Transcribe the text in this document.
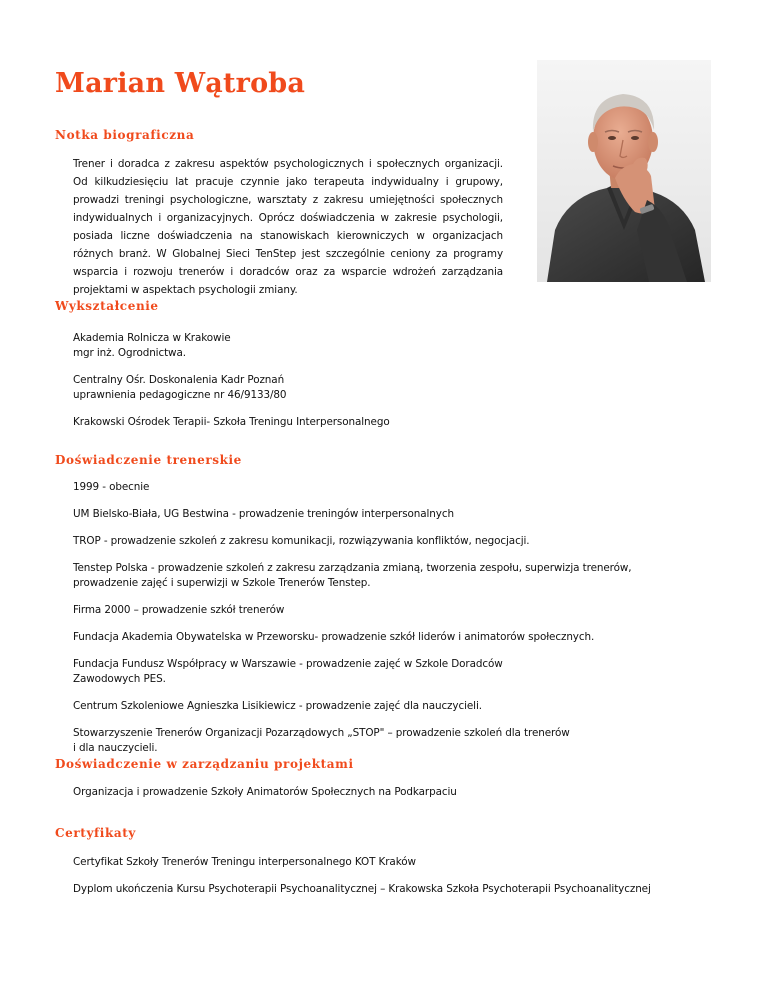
Marian Wątroba
Notka biograficzna

Trener i doradca z zakresu aspektów psychologicznych i społecznych organizacji. Od kilkudziesięciu lat pracuje czynnie jako terapeuta indywidualny i grupowy, prowadzi treningi psychologiczne, warsztaty z zakresu umiejętności społecznych indywidualnych i organizacyjnych. Oprócz doświadczenia w zakresie psychologii, posiada liczne doświadczenia na stanowiskach kierowniczych w organizacjach różnych branż. W Globalnej Sieci TenStep jest szczególnie ceniony za programy wsparcia i rozwoju trenerów i doradców oraz za wsparcie wdrożeń zarządzania projektami w aspektach psychologii zmiany.

Wykształcenie

Akademia Rolnicza w Krakowie
mgr inż. Ogrodnictwa.

Centralny Ośr. Doskonalenia Kadr Poznań
uprawnienia pedagogiczne nr 46/9133/80

Krakowski Ośrodek Terapii- Szkoła Treningu Interpersonalnego

Doświadczenie trenerskie

1999 - obecnie

UM Bielsko-Biała, UG Bestwina - prowadzenie treningów interpersonalnych

TROP - prowadzenie szkoleń z zakresu komunikacji, rozwiązywania konfliktów, negocjacji.

Tenstep Polska - prowadzenie szkoleń z zakresu zarządzania zmianą, tworzenia zespołu, superwizja trenerów,
prowadzenie zajęć i superwizji w Szkole Trenerów Tenstep.

Firma 2000 – prowadzenie szkół trenerów

Fundacja Akademia Obywatelska w Przeworsku- prowadzenie szkół liderów i animatorów społecznych.

Fundacja Fundusz Współpracy w Warszawie - prowadzenie zajęć w Szkole Doradców
Zawodowych PES.

Centrum Szkoleniowe Agnieszka Lisikiewicz - prowadzenie zajęć dla nauczycieli.

Stowarzyszenie Trenerów Organizacji Pozarządowych „STOP" – prowadzenie szkoleń dla trenerów
i dla nauczycieli.

Doświadczenie w zarządzaniu projektami

Organizacja i prowadzenie Szkoły Animatorów Społecznych na Podkarpaciu

Certyfikaty

Certyfikat Szkoły Trenerów Treningu interpersonalnego KOT Kraków

Dyplom ukończenia Kursu Psychoterapii Psychoanalitycznej – Krakowska Szkoła Psychoterapii Psychoanalitycznej
